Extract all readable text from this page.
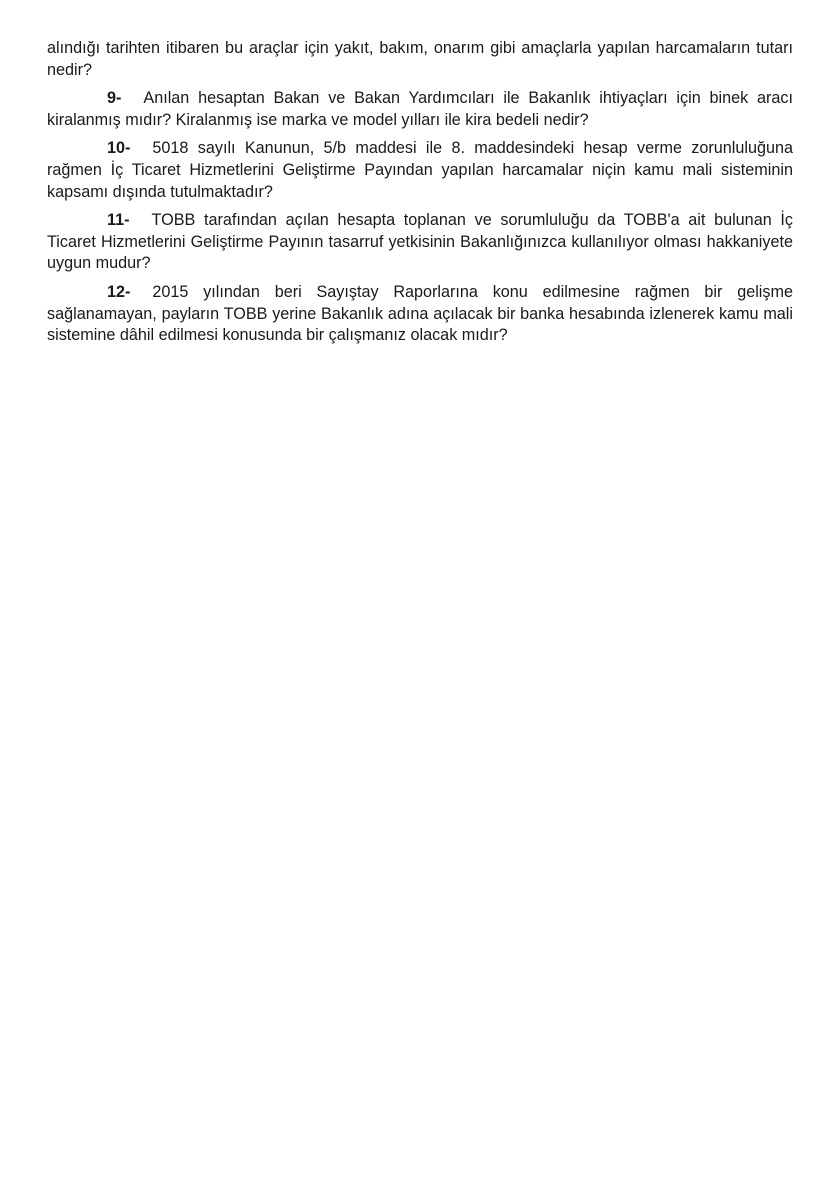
alındığı tarihten itibaren bu araçlar için yakıt, bakım, onarım gibi amaçlarla yapılan harcamaların tutarı nedir?

9- Anılan hesaptan Bakan ve Bakan Yardımcıları ile Bakanlık ihtiyaçları için binek aracı kiralanmış mıdır? Kiralanmış ise marka ve model yılları ile kira bedeli nedir?

10- 5018 sayılı Kanunun, 5/b maddesi ile 8. maddesindeki hesap verme zorunluluğuna rağmen İç Ticaret Hizmetlerini Geliştirme Payından yapılan harcamalar niçin kamu mali sisteminin kapsamı dışında tutulmaktadır?

11- TOBB tarafından açılan hesapta toplanan ve sorumluluğu da TOBB'a ait bulunan İç Ticaret Hizmetlerini Geliştirme Payının tasarruf yetkisinin Bakanlığınızca kullanılıyor olması hakkaniyete uygun mudur?

12- 2015 yılından beri Sayıştay Raporlarına konu edilmesine rağmen bir gelişme sağlanamayan, payların TOBB yerine Bakanlık adına açılacak bir banka hesabında izlenerek kamu mali sistemine dâhil edilmesi konusunda bir çalışmanız olacak mıdır?
